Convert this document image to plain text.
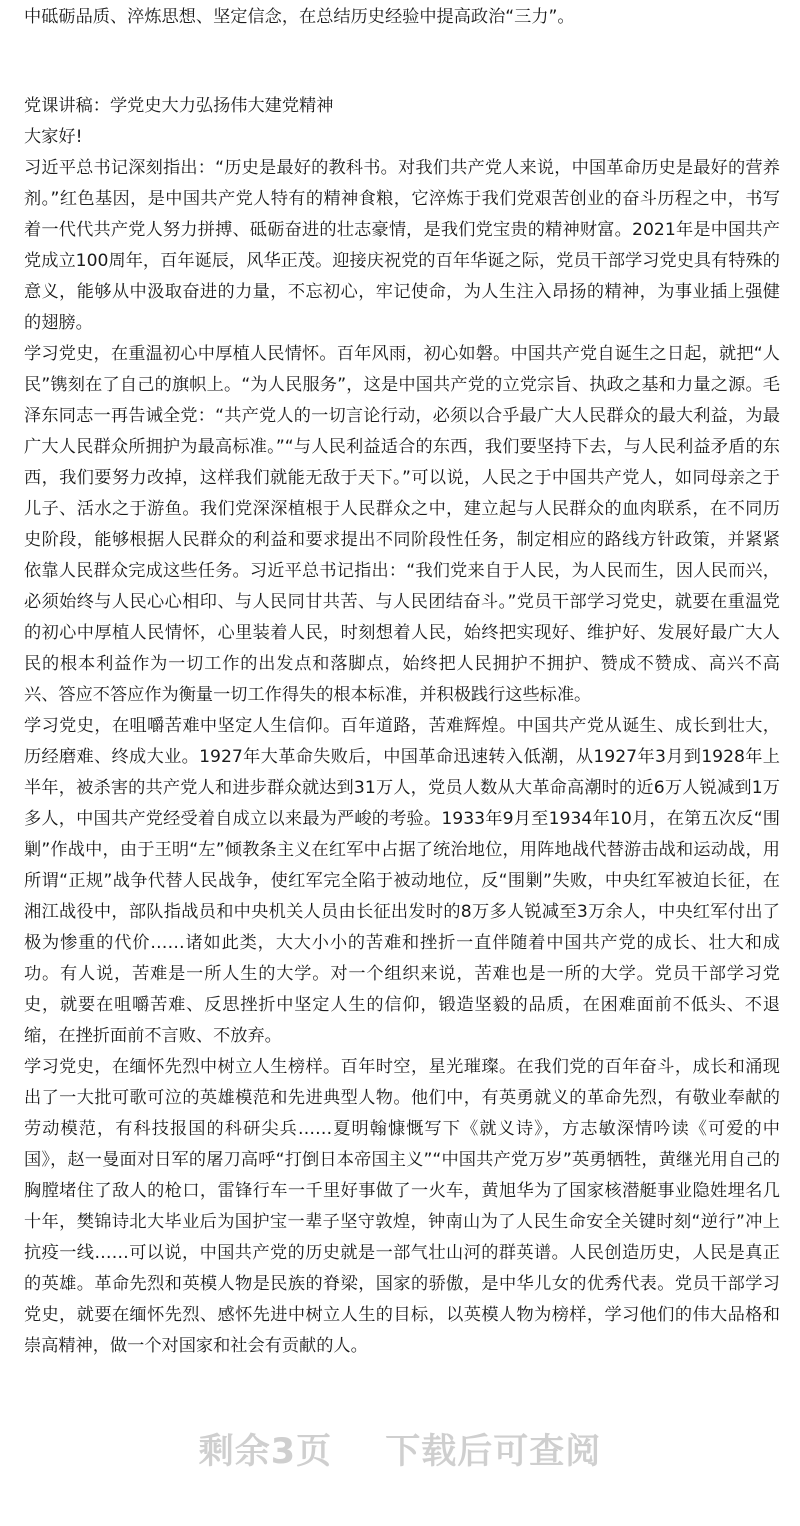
中砥砺品质、淬炼思想、坚定信念，在总结历史经验中提高政治“三力”。

党课讲稿：学党史大力弘扬伟大建党精神

大家好!

习近平总书记深刻指出：“历史是最好的教科书。对我们共产党人来说，中国革命历史是最好的营养剂。”红色基因，是中国共产党人特有的精神食粮，它淬炼于我们党艰苦创业的奋斗历程之中，书写着一代代共产党人努力拼搏、砥砺奋进的壮志豪情，是我们党宝贵的精神财富。2021年是中国共产党成立100周年，百年诞辰，风华正茂。迎接庆祝党的百年华诞之际，党员干部学习党史具有特殊的意义，能够从中汲取奋进的力量，不忘初心，牢记使命，为人生注入昂扬的精神，为事业插上强健的翅膀。

学习党史，在重温初心中厚植人民情怀。百年风雨，初心如磐。中国共产党自诞生之日起，就把“人民”镌刻在了自己的旗帜上。“为人民服务”，这是中国共产党的立党宗旨、执政之基和力量之源。毛泽东同志一再告诫全党：“共产党人的一切言论行动，必须以合乎最广大人民群众的最大利益，为最广大人民群众所拥护为最高标准。”“与人民利益适合的东西，我们要坚持下去，与人民利益矛盾的东西，我们要努力改掉，这样我们就能无敌于天下。”可以说，人民之于中国共产党人，如同母亲之于儿子、活水之于游鱼。我们党深深植根于人民群众之中，建立起与人民群众的血肉联系，在不同历史阶段，能够根据人民群众的利益和要求提出不同阶段性任务，制定相应的路线方针政策，并紧紧依靠人民群众完成这些任务。习近平总书记指出：“我们党来自于人民，为人民而生，因人民而兴，必须始终与人民心心相印、与人民同甘共苦、与人民团结奋斗。”党员干部学习党史，就要在重温党的初心中厚植人民情怀，心里装着人民，时刻想着人民，始终把实现好、维护好、发展好最广大人民的根本利益作为一切工作的出发点和落脚点，始终把人民拥护不拥护、赞成不赞成、高兴不高兴、答应不答应作为衡量一切工作得失的根本标准，并积极践行这些标准。

学习党史，在咀嚼苦难中坚定人生信仰。百年道路，苦难辉煌。中国共产党从诞生、成长到壮大，历经磨难、终成大业。1927年大革命失败后，中国革命迅速转入低潮，从1927年3月到1928年上半年，被杀害的共产党人和进步群众就达到31万人，党员人数从大革命高潮时的近6万人锐减到1万多人，中国共产党经受着自成立以来最为严峻的考验。1933年9月至1934年10月，在第五次反“围剿”作战中，由于王明“左”倾教条主义在红军中占据了统治地位，用阵地战代替游击战和运动战，用所谓“正规”战争代替人民战争，使红军完全陷于被动地位，反“围剿”失败，中央红军被迫长征，在湘江战役中，部队指战员和中央机关人员由长征出发时的8万多人锐减至3万余人，中央红军付出了极为惨重的代价……诸如此类，大大小小的苦难和挫折一直伴随着中国共产党的成长、壮大和成功。有人说，苦难是一所人生的大学。对一个组织来说，苦难也是一所的大学。党员干部学习党史，就要在咀嚼苦难、反思挫折中坚定人生的信仰，锻造坚毅的品质，在困难面前不低头、不退缩，在挫折面前不言败、不放弃。

学习党史，在缅怀先烈中树立人生榜样。百年时空，星光璀璨。在我们党的百年奋斗，成长和涌现出了一大批可歌可泣的英雄模范和先进典型人物。他们中，有英勇就义的革命先烈，有敬业奉献的劳动模范，有科技报国的科研尖兵……夏明翰慷慨写下《就义诗》，方志敏深情吟读《可爱的中国》，赵一曼面对日军的屠刀高呼“打倒日本帝国主义”“中国共产党万岁”英勇牺牲，黄继光用自己的胸膛堵住了敌人的枪口，雷锋行车一千里好事做了一火车，黄旭华为了国家核潜艇事业隐姓埋名几十年，樊锦诗北大毕业后为国护宝一辈子坚守敦煌，钟南山为了人民生命安全关键时刻“逆行”冲上抗疫一线……可以说，中国共产党的历史就是一部气壮山河的群英谱。人民创造历史，人民是真正的英雄。革命先烈和英模人物是民族的脊梁，国家的骄傲，是中华儿女的优秀代表。党员干部学习党史，就要在缅怀先烈、感怀先进中树立人生的目标，以英模人物为榜样，学习他们的伟大品格和崇高精神，做一个对国家和社会有贡献的人。

剩余3页 下载后可查阅
